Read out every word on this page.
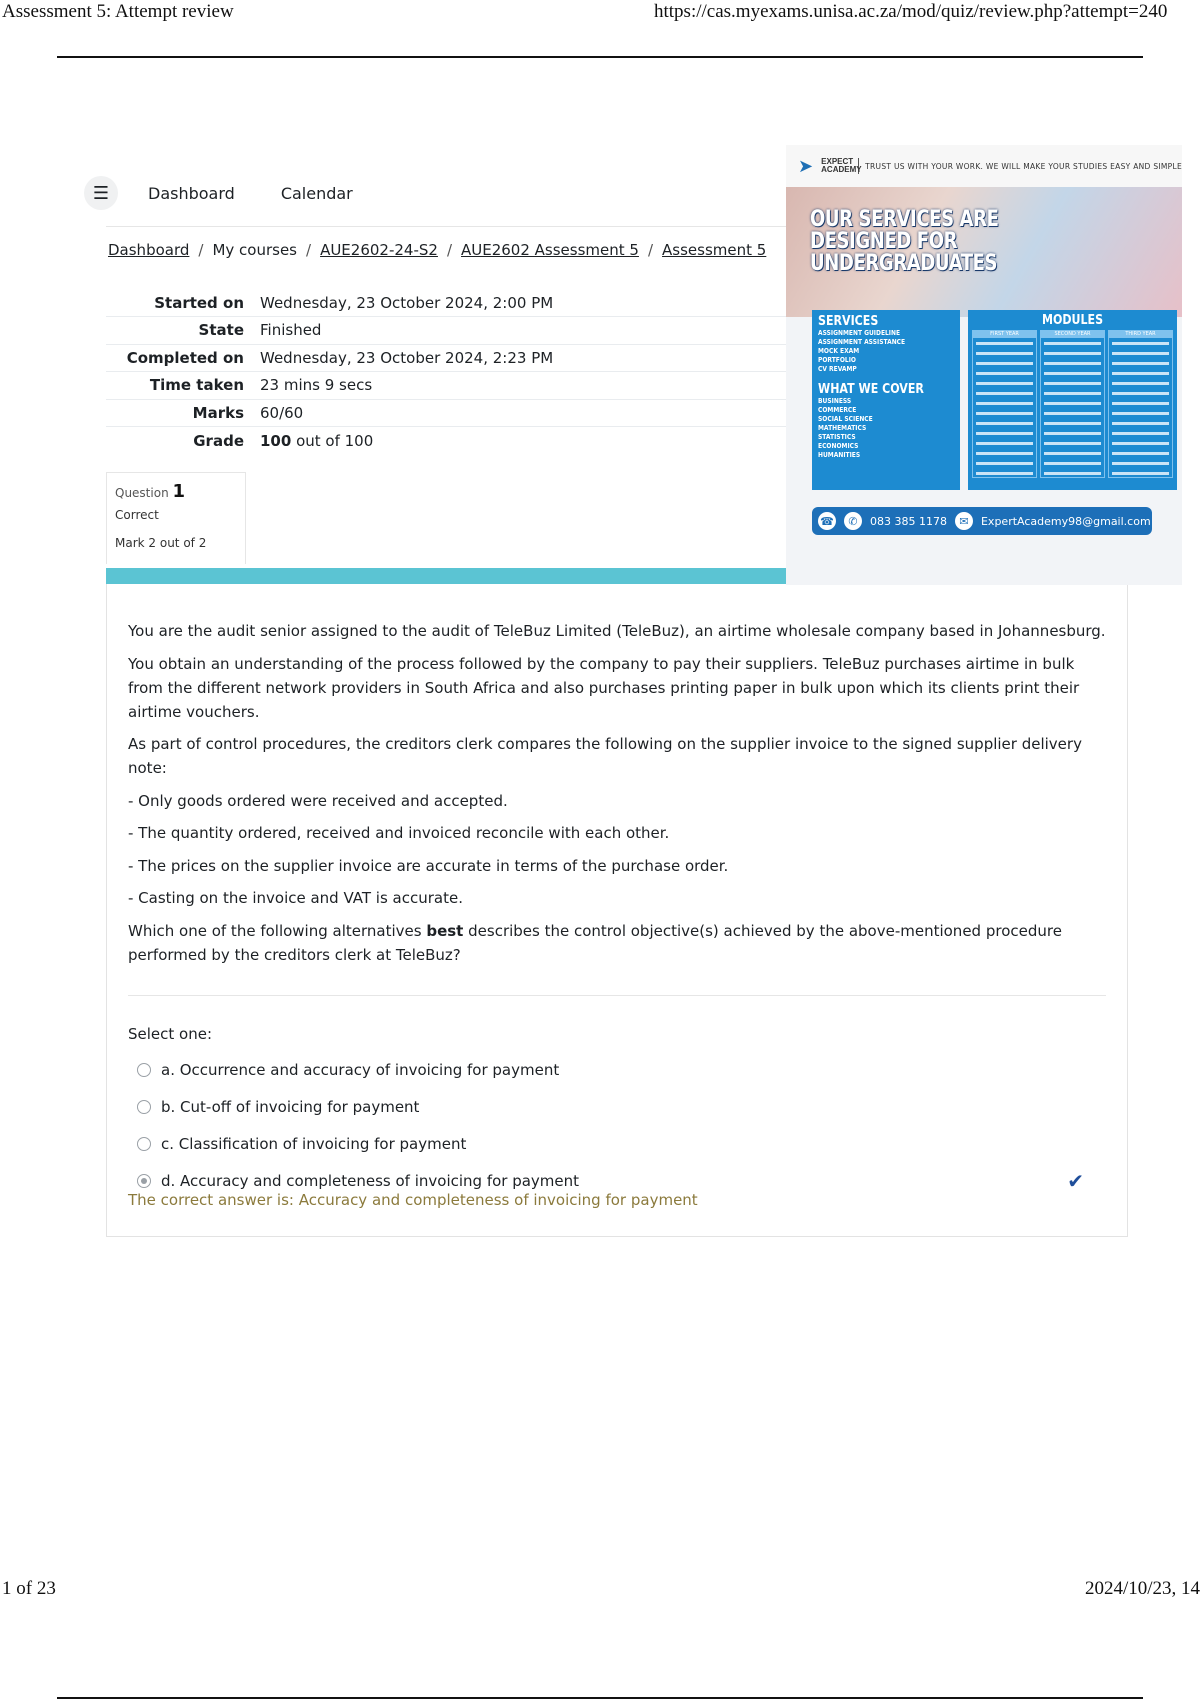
Assessment 5: Attempt review	https://cas.myexams.unisa.ac.za/mod/quiz/review.php?attempt=240
☰	Dashboard	Calendar
Dashboard / My courses / AUE2602-24-S2 / AUE2602 Assessment 5 / Assessment 5
Started on	Wednesday, 23 October 2024, 2:00 PM
State	Finished
Completed on	Wednesday, 23 October 2024, 2:23 PM
Time taken	23 mins 9 secs
Marks	60/60
Grade	100 out of 100
Question 1
Correct
Mark 2 out of 2

You are the audit senior assigned to the audit of TeleBuz Limited (TeleBuz), an airtime wholesale company based in Johannesburg.

You obtain an understanding of the process followed by the company to pay their suppliers. TeleBuz purchases airtime in bulk from the different network providers in South Africa and also purchases printing paper in bulk upon which its clients print their airtime vouchers.

As part of control procedures, the creditors clerk compares the following on the supplier invoice to the signed supplier delivery note:

- Only goods ordered were received and accepted.

- The quantity ordered, received and invoiced reconcile with each other.

- The prices on the supplier invoice are accurate in terms of the purchase order.

- Casting on the invoice and VAT is accurate.

Which one of the following alternatives best describes the control objective(s) achieved by the above-mentioned procedure performed by the creditors clerk at TeleBuz?

Select one:
a. Occurrence and accuracy of invoicing for payment
b. Cut-off of invoicing for payment
c. Classification of invoicing for payment
d. Accuracy and completeness of invoicing for payment	✔
The correct answer is: Accuracy and completeness of invoicing for payment
➤	EXPECT ACADEMY TRUST US WITH YOUR WORK. WE WILL MAKE YOUR STUDIES EASY AND SIMPLE
OUR SERVICES ARE
DESIGNED FOR
UNDERGRADUATES
SERVICES
ASSIGNMENT GUIDELINE
ASSIGNMENT ASSISTANCE
MOCK EXAM
PORTFOLIO
CV REVAMP
WHAT WE COVER
BUSINESS
COMMERCE
SOCIAL SCIENCE
MATHEMATICS
STATISTICS
ECONOMICS
HUMANITIES
MODULES
FIRST YEAR	SECOND YEAR	THIRD YEAR
☎	✆	083 385 1178	✉	ExpertAcademy98@gmail.com
1 of 23	2024/10/23, 14
